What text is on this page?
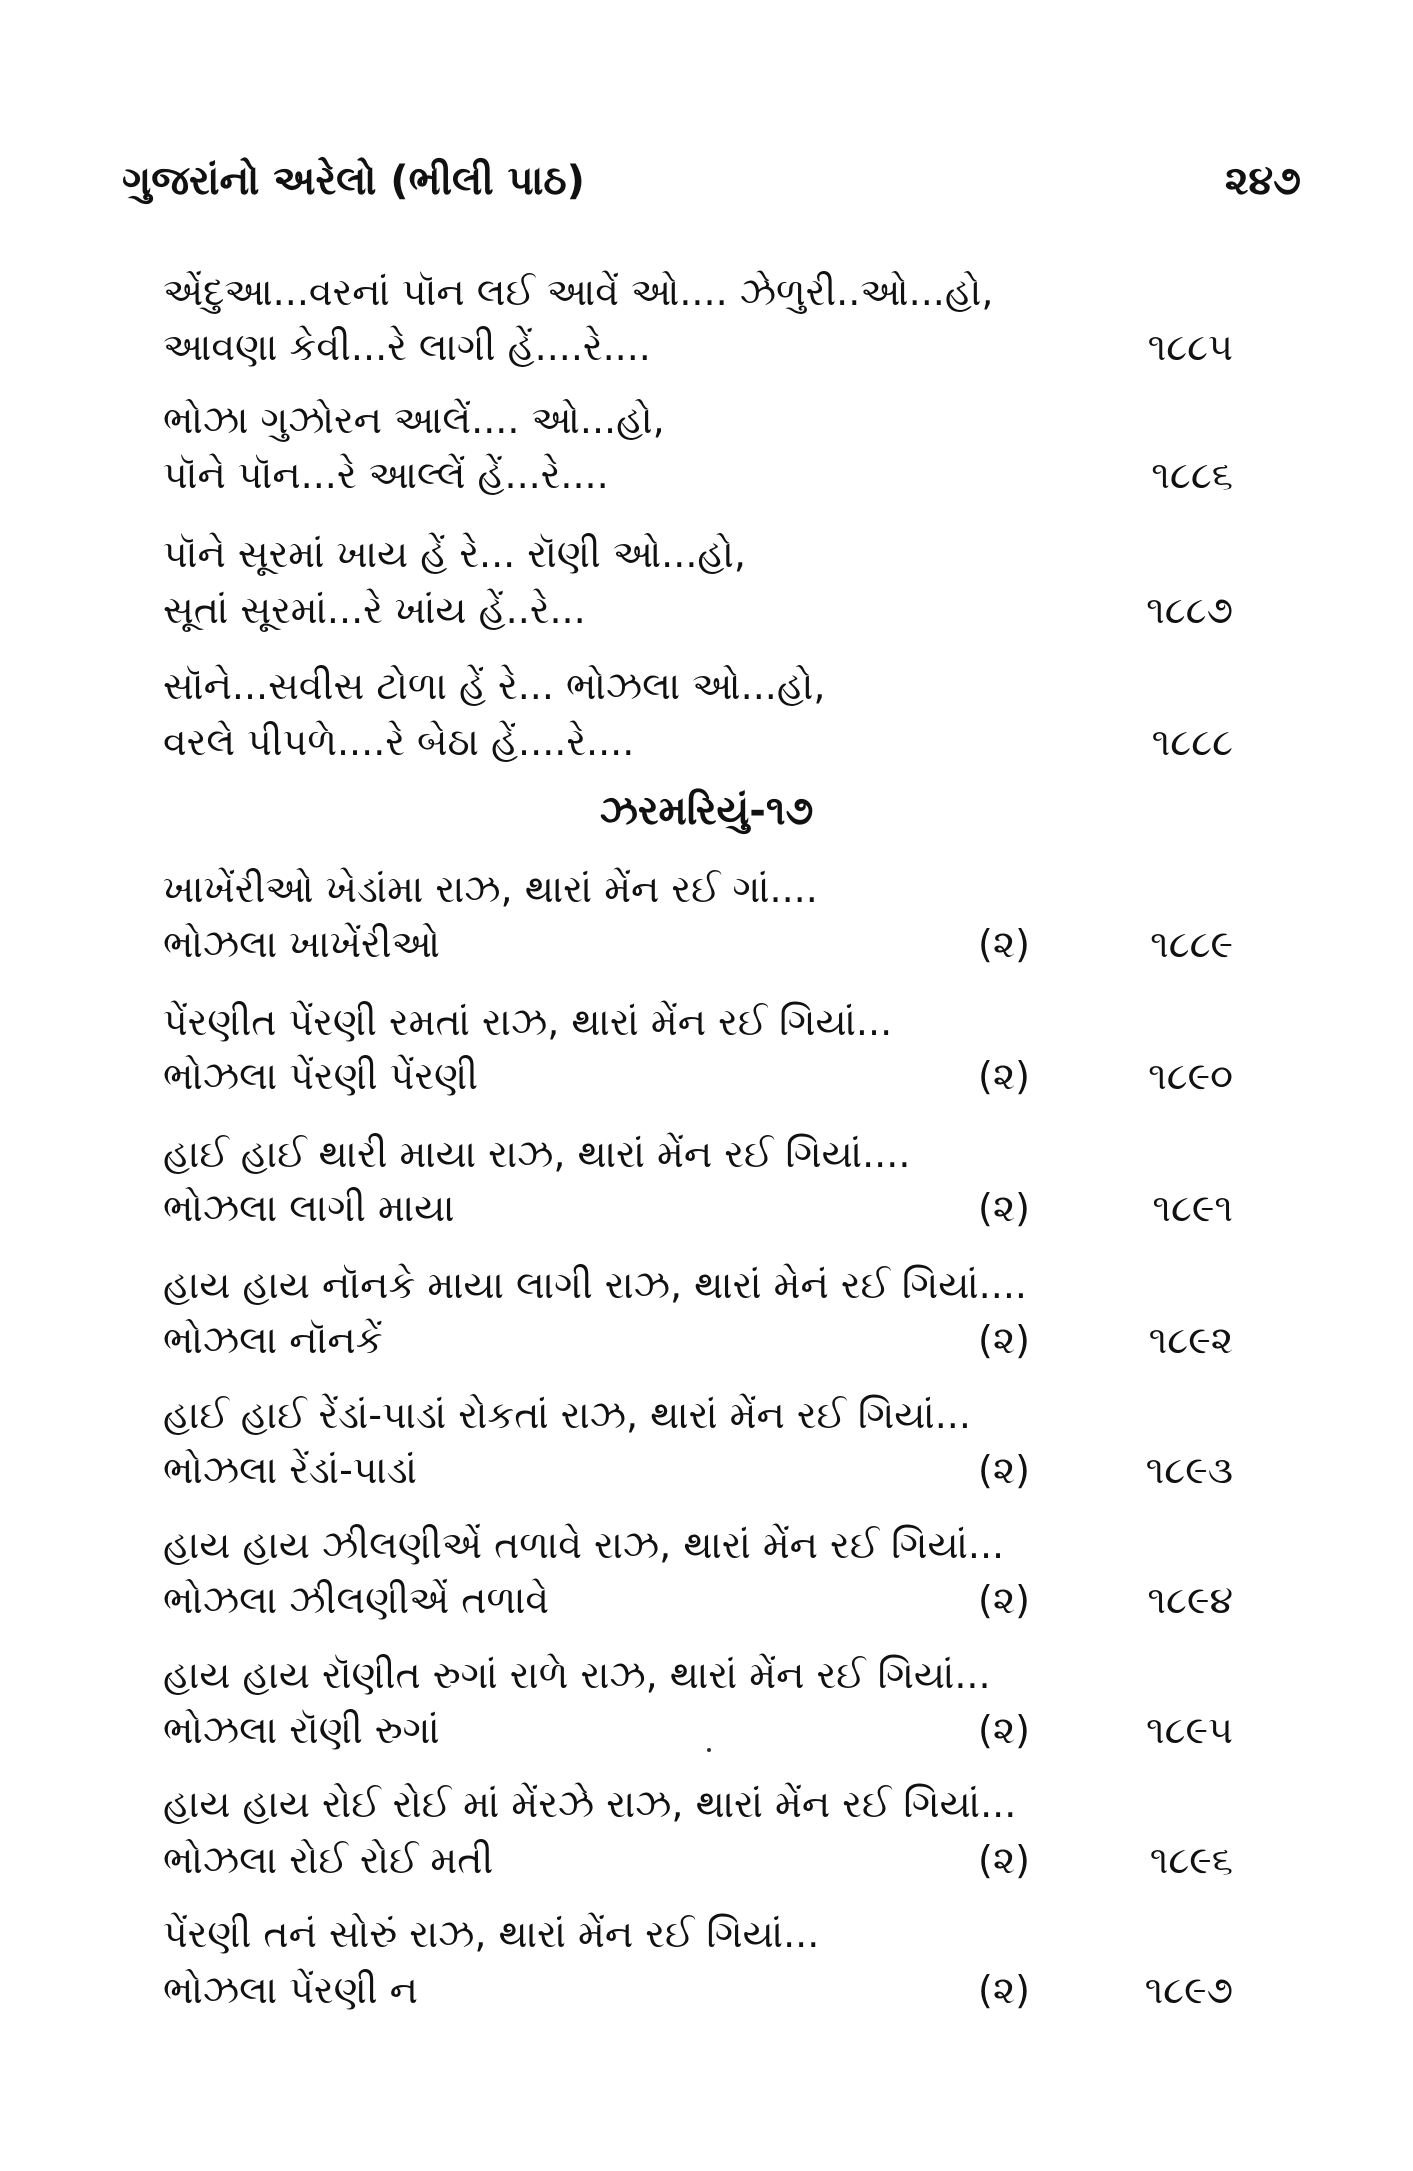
ગુજરાંનો અરેલો (ભીલી પાઠ)	૨૪૭
એંદુઆ...વરનાં પૉન લઈ આવેં ઓ.... ઝેળુરી..ઓ...હો,
આવણા કેવી...રે લાગી હેં....રે....	૧૮૮૫
ભોઝા ગુઝોરન આલેં.... ઓ...હો,
પૉને પૉન...રે આલ્લેં હેં...રે....	૧૮૮૬
પૉને સૂરમાં ખાય હેં રે... રૉણી ઓ...હો,
સૂતાં સૂરમાં...રે ખાંય હેં..રે...	૧૮૮૭
સૉને...સવીસ ટોળા હેં રે... ભોઝલા ઓ...હો,
વરલે પીપળે....રે બેઠા હેં....રે....	૧૮૮૮
ઝરમરિયું-૧૭
ખાખેંરીઓ ખેડાંમા રાઝ, થારાં મેંન રઈ ગાં....
ભોઝલા ખાખેંરીઓ	(૨)	૧૮૮૯
પેંરણીત પેંરણી રમતાં રાઝ, થારાં મેંન રઈ ગિયાં...
ભોઝલા પેંરણી પેંરણી	(૨)	૧૮૯૦
હાઈ હાઈ થારી માયા રાઝ, થારાં મેંન રઈ ગિયાં....
ભોઝલા લાગી માયા	(૨)	૧૮૯૧
હાય હાય નૉનકે માયા લાગી રાઝ, થારાં મેનં રઈ ગિયાં....
ભોઝલા નૉનકેં	(૨)	૧૮૯૨
હાઈ હાઈ રેંડાં-પાડાં રોકતાં રાઝ, થારાં મેંન રઈ ગિયાં...
ભોઝલા રેંડાં-પાડાં	(૨)	૧૮૯૩
હાય હાય ઝીલણીએં તળાવે રાઝ, થારાં મેંન રઈ ગિયાં...
ભોઝલા ઝીલણીએં તળાવે	(૨)	૧૮૯૪
હાય હાય રૉણીત રુગાં રાળે રાઝ, થારાં મેંન રઈ ગિયાં...
ભોઝલા રૉણી રુગાં	(૨)	૧૮૯૫
હાય હાય રોઈ રોઈ માં મેંરઝે રાઝ, થારાં મેંન રઈ ગિયાં...
ભોઝલા રોઈ રોઈ મતી	(૨)	૧૮૯૬
પેંરણી તનં સોરું રાઝ, થારાં મેંન રઈ ગિયાં...
ભોઝલા પેંરણી ન	(૨)	૧૮૯૭
